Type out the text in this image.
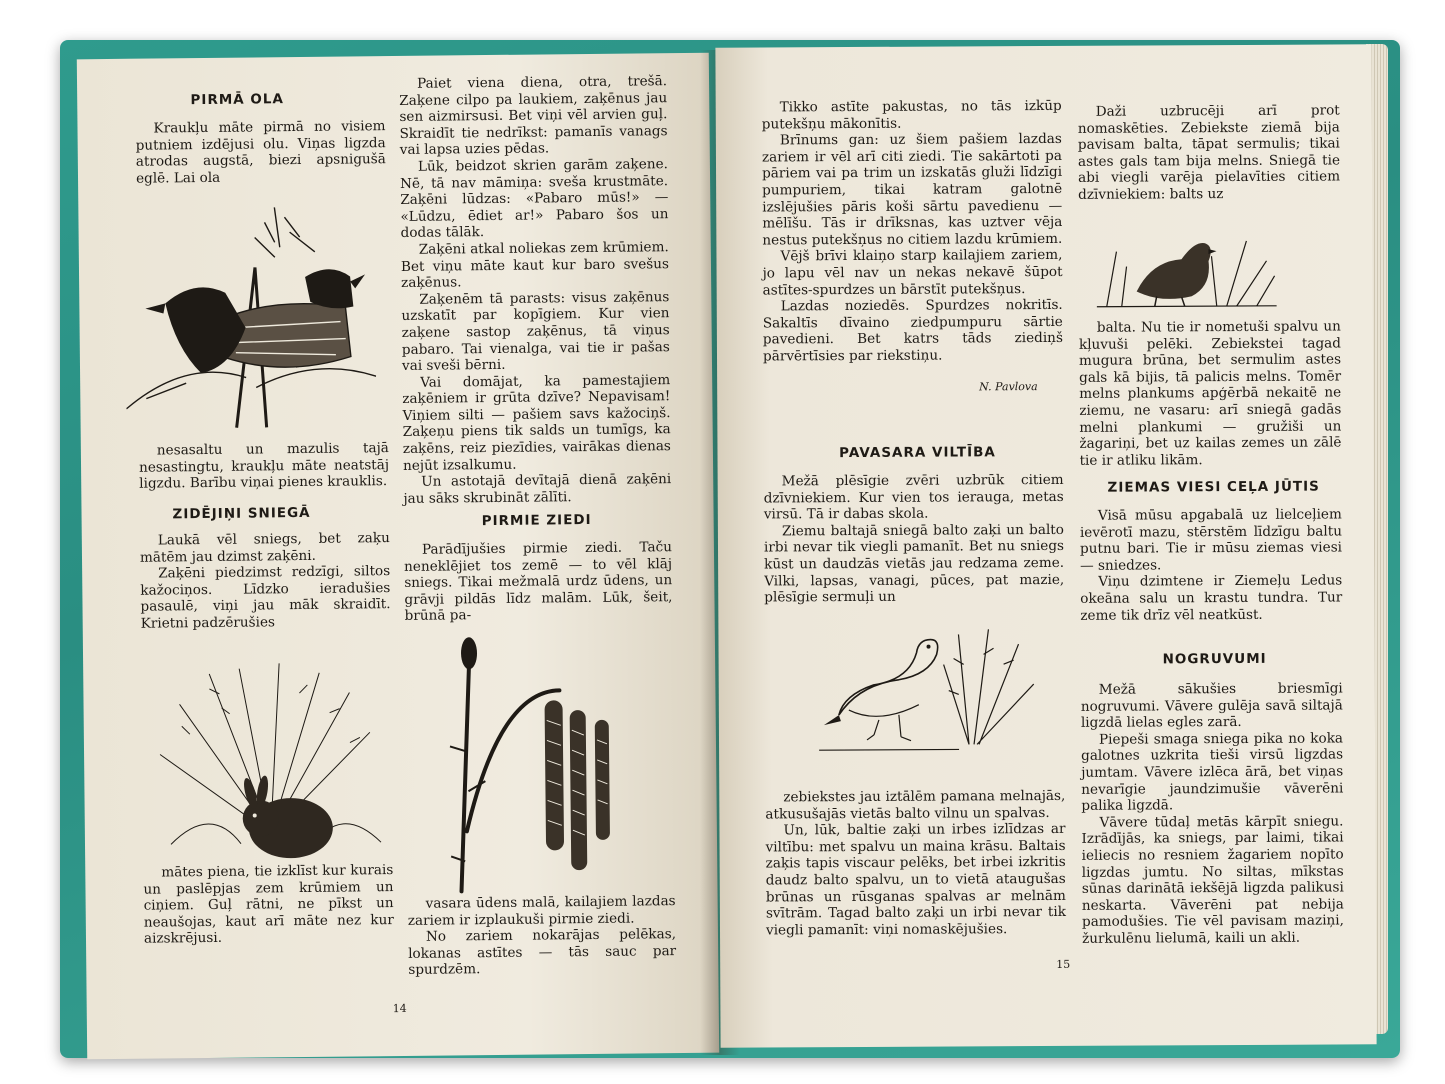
PIRMĀ OLA

Kraukļu māte pirmā no visiem putniem izdējusi olu. Viņas ligzda atrodas augstā, biezi apsnigušā eglē. Lai ola

nesasaltu un mazulis tajā nesastingtu, kraukļu māte neatstāj ligzdu. Barību viņai pienes krauklis.

ZIDĒJIŅI SNIEGĀ

Laukā vēl sniegs, bet zaķu mātēm jau dzimst zaķēni.

Zaķēni piedzimst redzīgi, siltos kažociņos. Līdzko ieradušies pasaulē, viņi jau māk skraidīt. Krietni padzērušies

mātes piena, tie izklīst kur kurais un paslēpjas zem krūmiem un ciņiem. Guļ rātni, ne pīkst un neaušojas, kaut arī māte nez kur aizskrējusi.

Paiet viena diena, otra, trešā. Zaķene cilpo pa laukiem, zaķēnus jau sen aizmirsusi. Bet viņi vēl arvien guļ. Skraidīt tie nedrīkst: pamanīs vanags vai lapsa uzies pēdas.

Lūk, beidzot skrien garām zaķene. Nē, tā nav māmiņa: sveša krustmāte. Zaķēni lūdzas: «Pabaro mūs!» — «Lūdzu, ēdiet ar!» Pabaro šos un dodas tālāk.

Zaķēni atkal noliekas zem krūmiem. Bet viņu māte kaut kur baro svešus zaķēnus.

Zaķenēm tā parasts: visus zaķēnus uzskatīt par kopīgiem. Kur vien zaķene sastop zaķēnus, tā viņus pabaro. Tai vienalga, vai tie ir pašas vai sveši bērni.

Vai domājat, ka pamestajiem zaķēniem ir grūta dzīve? Nepavisam! Viņiem silti — pašiem savs kažociņš. Zaķeņu piens tik salds un tumīgs, ka zaķēns, reiz piezīdies, vairākas dienas nejūt izsalkumu.

Un astotajā devītajā dienā zaķēni jau sāks skrubināt zālīti.

PIRMIE ZIEDI

Parādījušies pirmie ziedi. Taču neneklējiet tos zemē — to vēl klāj sniegs. Tikai mežmalā urdz ūdens, un grāvji pildās līdz malām. Lūk, šeit, brūnā pa-

vasara ūdens malā, kailajiem lazdas zariem ir izplaukuši pirmie ziedi.

No zariem nokarājas pelēkas, lokanas astītes — tās sauc par spurdzēm.

14

Tikko astīte pakustas, no tās izkūp putekšņu mākonītis.

Brīnums gan: uz šiem pašiem lazdas zariem ir vēl arī citi ziedi. Tie sakārtoti pa pāriem vai pa trim un izskatās gluži līdzīgi pumpuriem, tikai katram galotnē izslējušies pāris koši sārtu pavedienu — mēlīšu. Tās ir drīksnas, kas uztver vēja nestus putekšņus no citiem lazdu krūmiem.

Vējš brīvi klaiņo starp kailajiem zariem, jo lapu vēl nav un nekas nekavē šūpot astītes-spurdzes un bārstīt putekšņus.

Lazdas noziedēs. Spurdzes nokritīs. Sakaltīs dīvaino ziedpumpuru sārtie pavedieni. Bet katrs tāds ziediņš pārvērtīsies par riekstiņu.

N. Pavlova
PAVASARA VILTĪBA

Mežā plēsīgie zvēri uzbrūk citiem dzīvniekiem. Kur vien tos ierauga, metas virsū. Tā ir dabas skola.

Ziemu baltajā sniegā balto zaķi un balto irbi nevar tik viegli pamanīt. Bet nu sniegs kūst un daudzās vietās jau redzama zeme. Vilki, lapsas, vanagi, pūces, pat mazie, plēsīgie sermuļi un

zebiekstes jau iztālēm pamana melnajās, atkusušajās vietās balto vilnu un spalvas.

Un, lūk, baltie zaķi un irbes izlīdzas ar viltību: met spalvu un maina krāsu. Baltais zaķis tapis viscaur pelēks, bet irbei izkritis daudz balto spalvu, un to vietā ataugušas brūnas un rūsganas spalvas ar melnām svītrām. Tagad balto zaķi un irbi nevar tik viegli pamanīt: viņi nomaskējušies.

15

Daži uzbrucēji arī prot nomaskēties. Zebiekste ziemā bija pavisam balta, tāpat sermulis; tikai astes gals tam bija melns. Sniegā tie abi viegli varēja pielavīties citiem dzīvniekiem: balts uz

balta. Nu tie ir nometuši spalvu un kļuvuši pelēki. Zebiekstei tagad mugura brūna, bet sermulim astes gals kā bijis, tā palicis melns. Tomēr melns plankums apģērbā nekaitē ne ziemu, ne vasaru: arī sniegā gadās melni plankumi — gružiši un žagariņi, bet uz kailas zemes un zālē tie ir atliku likām.

ZIEMAS VIESI CEĻA JŪTIS

Visā mūsu apgabalā uz lielceļiem ievērotī mazu, stērstēm līdzīgu baltu putnu bari. Tie ir mūsu ziemas viesi — sniedzes.

Viņu dzimtene ir Ziemeļu Ledus okeāna salu un krastu tundra. Tur zeme tik drīz vēl neatkūst.

NOGRUVUMI

Mežā sākušies briesmīgi nogruvumi. Vāvere gulēja savā siltajā ligzdā lielas egles zarā.

Piepeši smaga sniega pika no koka galotnes uzkrita tieši virsū ligzdas jumtam. Vāvere izlēca ārā, bet viņas nevarīgie jaundzimušie vāverēni palika ligzdā.

Vāvere tūdaļ metās kārpīt sniegu. Izrādījās, ka sniegs, par laimi, tikai ieliecis no resniem žagariem nopīto ligzdas jumtu. No siltas, mīkstas sūnas darinātā iekšējā ligzda palikusi neskarta. Vāverēni pat nebija pamodušies. Tie vēl pavisam maziņi, žurkulēnu lielumā, kaili un akli.
